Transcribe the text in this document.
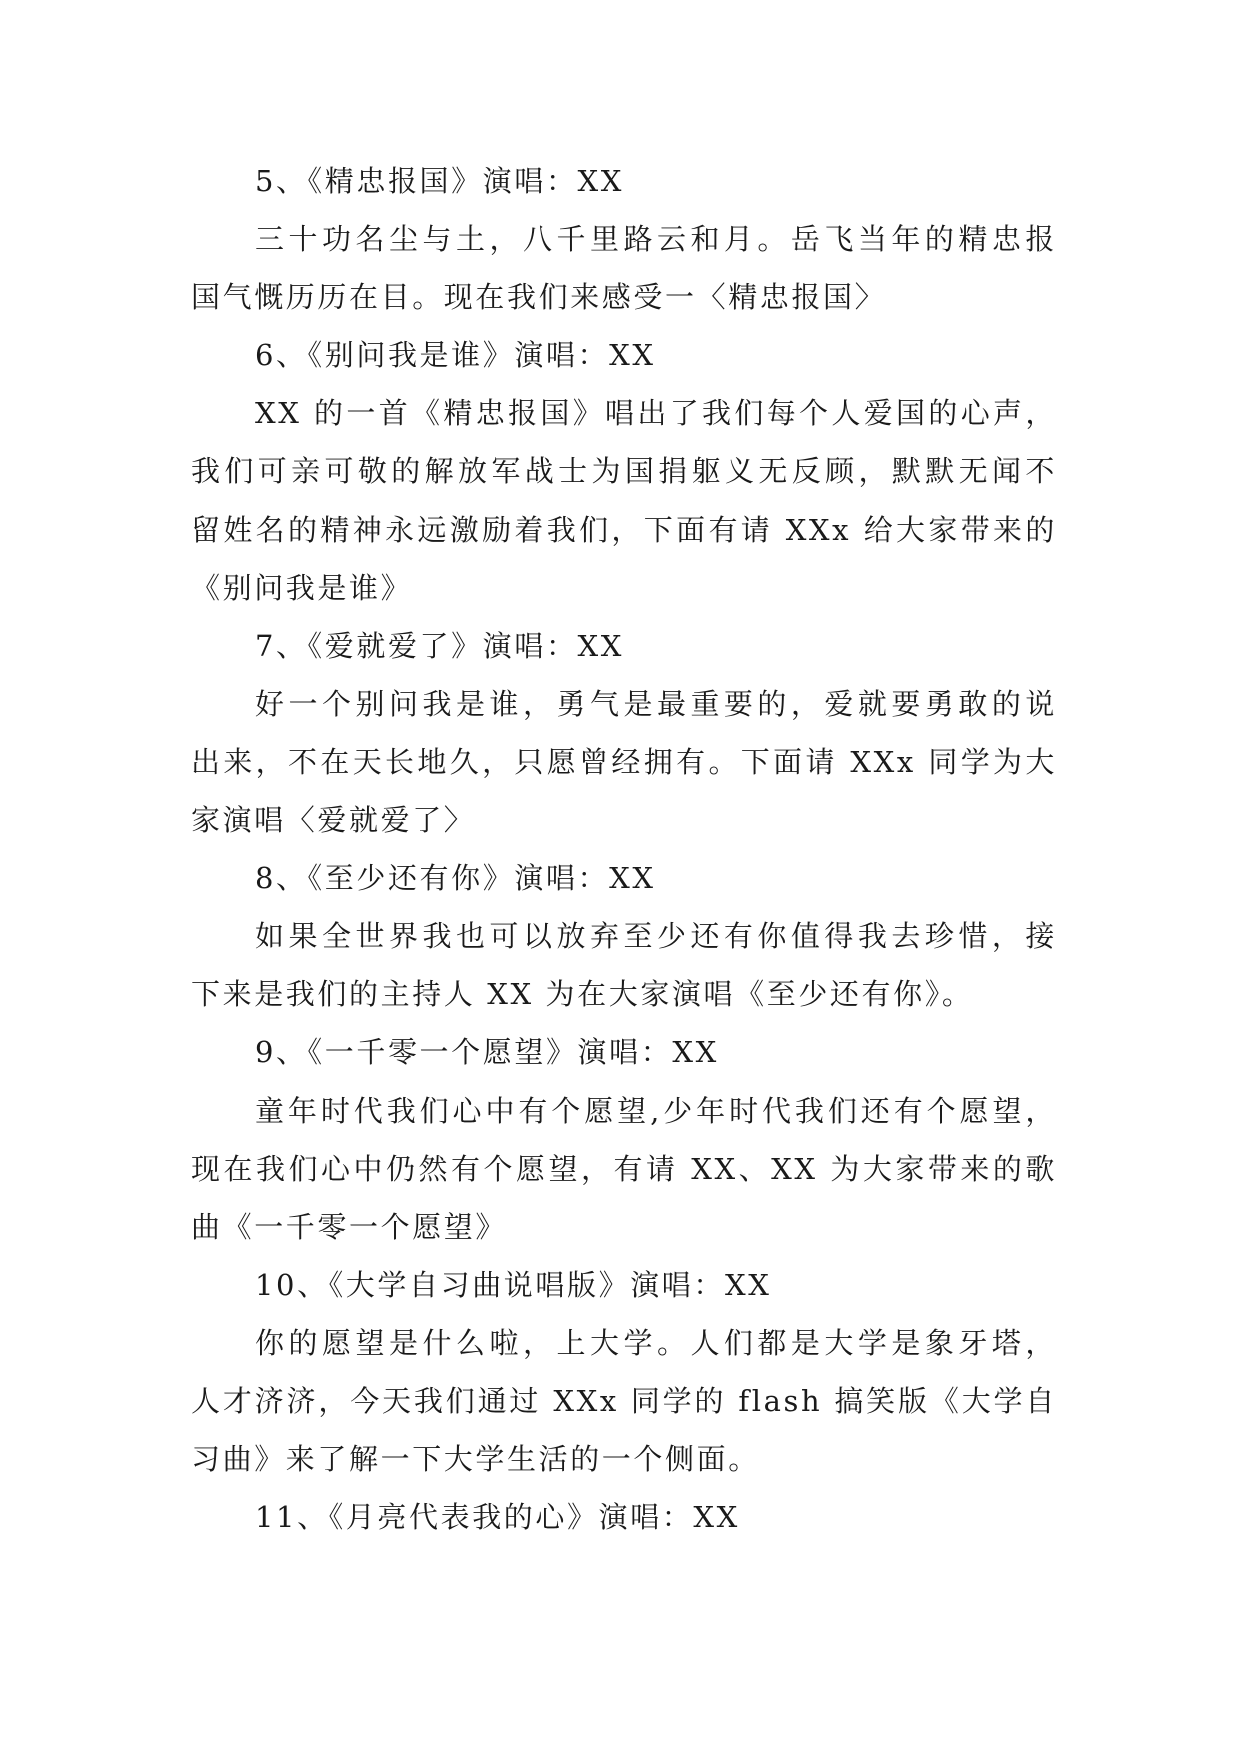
5、《精忠报国》演唱：XX
三十功名尘与土，八千里路云和月。岳飞当年的精忠报
国气慨历历在目。现在我们来感受一〈精忠报国〉
6、《别问我是谁》演唱：XX
XX 的一首《精忠报国》唱出了我们每个人爱国的心声，
我们可亲可敬的解放军战士为国捐躯义无反顾，默默无闻不
留姓名的精神永远激励着我们，下面有请 XXx 给大家带来的
《别问我是谁》
7、《爱就爱了》演唱：XX
好一个别问我是谁，勇气是最重要的，爱就要勇敢的说
出来，不在天长地久，只愿曾经拥有。下面请 XXx 同学为大
家演唱〈爱就爱了〉
8、《至少还有你》演唱：XX
如果全世界我也可以放弃至少还有你值得我去珍惜，接
下来是我们的主持人 XX 为在大家演唱《至少还有你》。
9、《一千零一个愿望》演唱：XX
童年时代我们心中有个愿望,少年时代我们还有个愿望，
现在我们心中仍然有个愿望，有请 XX、XX 为大家带来的歌
曲《一千零一个愿望》
10、《大学自习曲说唱版》演唱：XX
你的愿望是什么啦，上大学。人们都是大学是象牙塔，
人才济济，今天我们通过 XXx 同学的 flash 搞笑版《大学自
习曲》来了解一下大学生活的一个侧面。
11、《月亮代表我的心》演唱：XX
